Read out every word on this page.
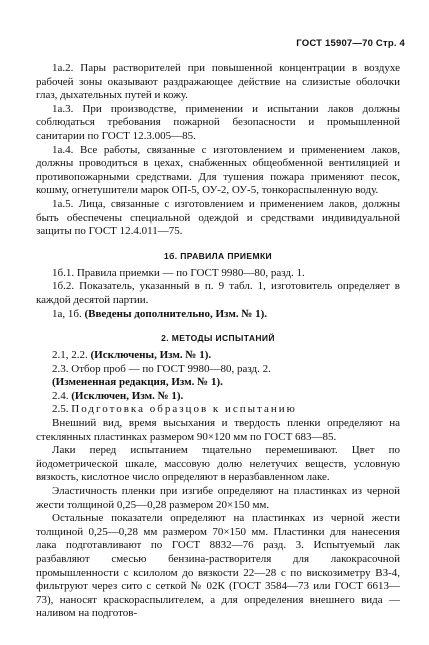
ГОСТ 15907—70 Стр. 4

1а.2. Пары растворителей при повышенной концентрации в воздухе рабочей зоны оказывают раздражающее действие на слизистые оболочки глаз, дыхательных путей и кожу.

1а.3. При производстве, применении и испытании лаков должны соблюдаться требования пожарной безопасности и промышленной санитарии по ГОСТ 12.3.005—85.

1а.4. Все работы, связанные с изготовлением и применением лаков, должны проводиться в цехах, снабженных общеобменной вентиляцией и противопожарными средствами. Для тушения пожара применяют песок, кошму, огнетушители марок ОП-5, ОУ-2, ОУ-5, тонкораспыленную воду.

1а.5. Лица, связанные с изготовлением и применением лаков, должны быть обеспечены специальной одеждой и средствами индивидуальной защиты по ГОСТ 12.4.011—75.

1б. ПРАВИЛА ПРИЕМКИ

1б.1. Правила приемки — по ГОСТ 9980—80, разд. 1.

1б.2. Показатель, указанный в п. 9 табл. 1, изготовитель определяет в каждой десятой партии.

1а, 1б. (Введены дополнительно, Изм. № 1).

2. МЕТОДЫ ИСПЫТАНИЙ

2.1, 2.2. (Исключены, Изм. № 1).

2.3. Отбор проб — по ГОСТ 9980—80, разд. 2.

(Измененная редакция, Изм. № 1).

2.4. (Исключен, Изм. № 1).

2.5. Подготовка образцов к испытанию

Внешний вид, время высыхания и твердость пленки определяют на стеклянных пластинках размером 90×120 мм по ГОСТ 683—85.

Лаки перед испытанием тщательно перемешивают. Цвет по йодометрической шкале, массовую долю нелетучих веществ, условную вязкость, кислотное число определяют в неразбавленном лаке.

Эластичность пленки при изгибе определяют на пластинках из черной жести толщиной 0,25—0,28 размером 20×150 мм.

Остальные показатели определяют на пластинках из черной жести толщиной 0,25—0,28 мм размером 70×150 мм. Пластинки для нанесения лака подготавливают по ГОСТ 8832—76 разд. 3. Испытуемый лак разбавляют смесью бензина-растворителя для лакокрасочной промышленности с ксилолом до вязкости 22—28 с по вискозиметру ВЗ-4, фильтруют через сито с сеткой № 02К (ГОСТ 3584—73 или ГОСТ 6613—73), наносят краскораспылителем, а для определения внешнего вида — наливом на подготов-
